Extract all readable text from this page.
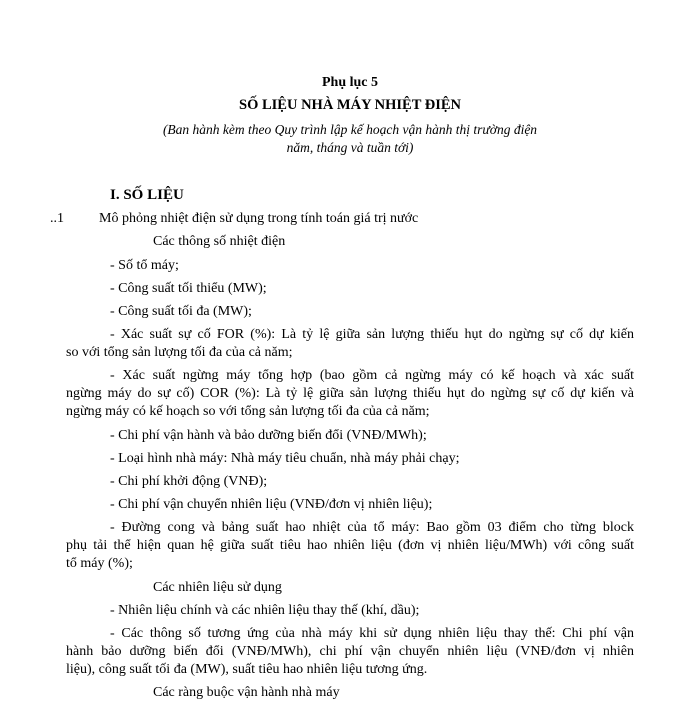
Phụ lục 5
SỐ LIỆU NHÀ MÁY NHIỆT ĐIỆN
(Ban hành kèm theo Quy trình lập kế hoạch vận hành thị trường điện
năm, tháng và tuần tới)
I. SỐ LIỆU
..1	Mô phỏng nhiệt điện sử dụng trong tính toán giá trị nước
Các thông số nhiệt điện
- Số tổ máy;
- Công suất tối thiểu (MW);
- Công suất tối đa (MW);
- Xác suất sự cố FOR (%): Là tỷ lệ giữa sản lượng thiếu hụt do ngừng sự cố dự kiến
so với tổng sản lượng tối đa của cả năm;
- Xác suất ngừng máy tổng hợp (bao gồm cả ngừng máy có kế hoạch và xác suất
ngừng máy do sự cố) COR (%): Là tỷ lệ giữa sản lượng thiếu hụt do ngừng sự cố dự kiến và
ngừng máy có kế hoạch so với tổng sản lượng tối đa của cả năm;
- Chi phí vận hành và bảo dưỡng biến đổi (VNĐ/MWh);
- Loại hình nhà máy: Nhà máy tiêu chuẩn, nhà máy phải chạy;
- Chi phí khởi động (VNĐ);
- Chi phí vận chuyển nhiên liệu (VNĐ/đơn vị nhiên liệu);
- Đường cong và bảng suất hao nhiệt của tổ máy: Bao gồm 03 điểm cho từng block
phụ tải thể hiện quan hệ giữa suất tiêu hao nhiên liệu (đơn vị nhiên liệu/MWh) với công suất
tổ máy (%);
Các nhiên liệu sử dụng
- Nhiên liệu chính và các nhiên liệu thay thế (khí, dầu);
- Các thông số tương ứng của nhà máy khi sử dụng nhiên liệu thay thế: Chi phí vận
hành bảo dưỡng biến đổi (VNĐ/MWh), chi phí vận chuyển nhiên liệu (VNĐ/đơn vị nhiên
liệu), công suất tối đa (MW), suất tiêu hao nhiên liệu tương ứng.
Các ràng buộc vận hành nhà máy
